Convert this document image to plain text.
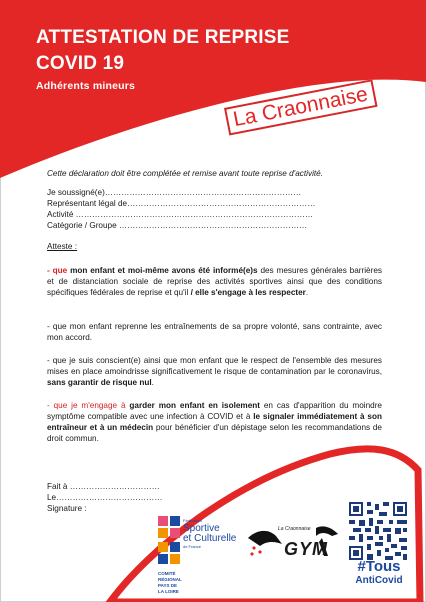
ATTESTATION DE REPRISE
COVID 19
Adhérents mineurs	La Craonnaise
Cette déclaration doit être complétée et remise avant toute reprise d'activité.
Je soussigné(e)………………………………………………………………
Représentant légal de……………………………………………………………
Activité ……………………………………………………………………………
Catégorie / Groupe ……………………………………………………………
Atteste :
- que mon enfant et moi-même avons été informé(e)s des mesures générales barrières et de distanciation sociale de reprise des activités sportives ainsi que des conditions spécifiques fédérales de reprise et qu'il / elle s'engage à les respecter.
- que mon enfant reprenne les entraînements de sa propre volonté, sans contrainte, avec mon accord.
- que je suis conscient(e) ainsi que mon enfant que le respect de l'ensemble des mesures mises en place amoindrisse significativement le risque de contamination par le coronavirus, sans garantir de risque nul.
- que je m'engage à garder mon enfant en isolement en cas d'apparition du moindre symptôme compatible avec une infection à COVID et à le signaler immédiatement à son entraîneur et à un médecin pour bénéficier d'un dépistage selon les recommandations de droit commun.
Fait à ……………………………
Le…………………………………
Signature :
Fédération
Sportive
et Culturelle
de France
COMITÉ RÉGIONAL
PAYS DE LA LOIRE
La Craonnaise
GYM
#Tous
AntiCovid
